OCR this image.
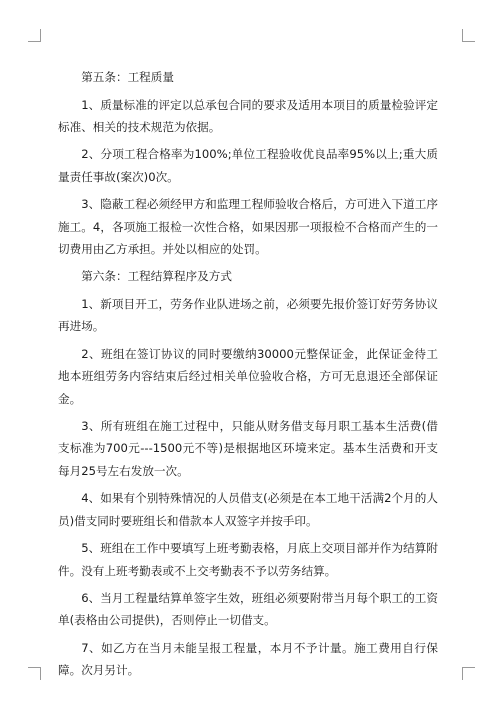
第五条：工程质量
1、质量标准的评定以总承包合同的要求及适用本项目的质量检验评定标准、相关的技术规范为依据。
2、分项工程合格率为100%;单位工程验收优良品率95%以上;重大质量责任事故(案次)0次。
3、隐蔽工程必须经甲方和监理工程师验收合格后，方可进入下道工序施工。4，各项施工报检一次性合格，如果因那一项报检不合格而产生的一切费用由乙方承担。并处以相应的处罚。
第六条：工程结算程序及方式
1、新项目开工，劳务作业队进场之前，必须要先报价签订好劳务协议再进场。
2、班组在签订协议的同时要缴纳30000元整保证金，此保证金待工地本班组劳务内容结束后经过相关单位验收合格，方可无息退还全部保证金。
3、所有班组在施工过程中，只能从财务借支每月职工基本生活费(借支标准为700元---1500元不等)是根据地区环境来定。基本生活费和开支每月25号左右发放一次。
4、如果有个别特殊情况的人员借支(必须是在本工地干活满2个月的人员)借支同时要班组长和借款本人双签字并按手印。
5、班组在工作中要填写上班考勤表格，月底上交项目部并作为结算附件。没有上班考勤表或不上交考勤表不予以劳务结算。
6、当月工程量结算单签字生效，班组必须要附带当月每个职工的工资单(表格由公司提供)，否则停止一切借支。
7、如乙方在当月未能呈报工程量，本月不予计量。施工费用自行保障。次月另计。
